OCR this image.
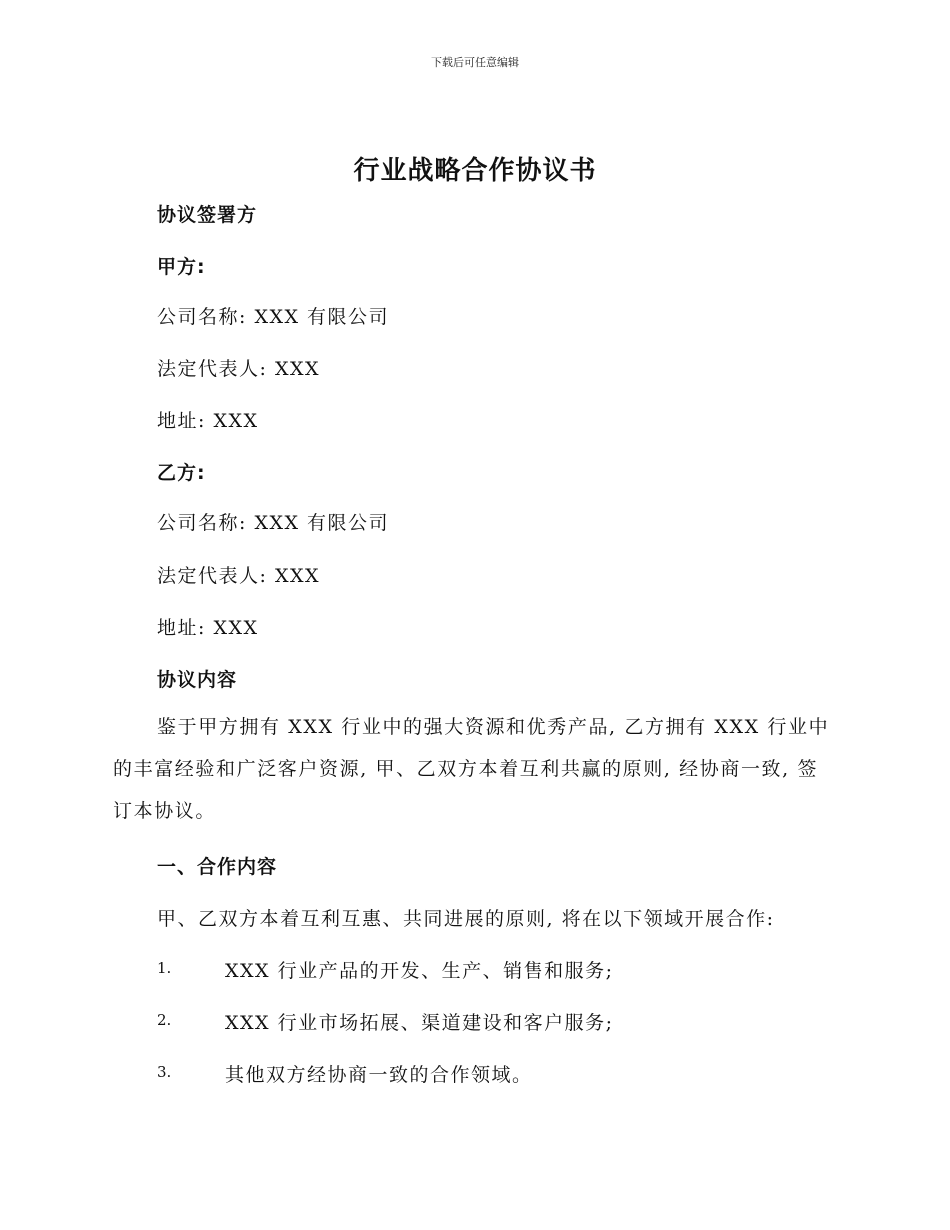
下载后可任意编辑
行业战略合作协议书
协议签署方
甲方:
公司名称: XXX 有限公司
法定代表人: XXX
地址: XXX
乙方:
公司名称: XXX 有限公司
法定代表人: XXX
地址: XXX
协议内容
鉴于甲方拥有 XXX 行业中的强大资源和优秀产品, 乙方拥有 XXX 行业中的丰富经验和广泛客户资源, 甲、乙双方本着互利共赢的原则, 经协商一致, 签订本协议。
一、合作内容
甲、乙双方本着互利互惠、共同进展的原则, 将在以下领域开展合作:
1.	XXX 行业产品的开发、生产、销售和服务;
2.	XXX 行业市场拓展、渠道建设和客户服务;
3.	其他双方经协商一致的合作领域。
